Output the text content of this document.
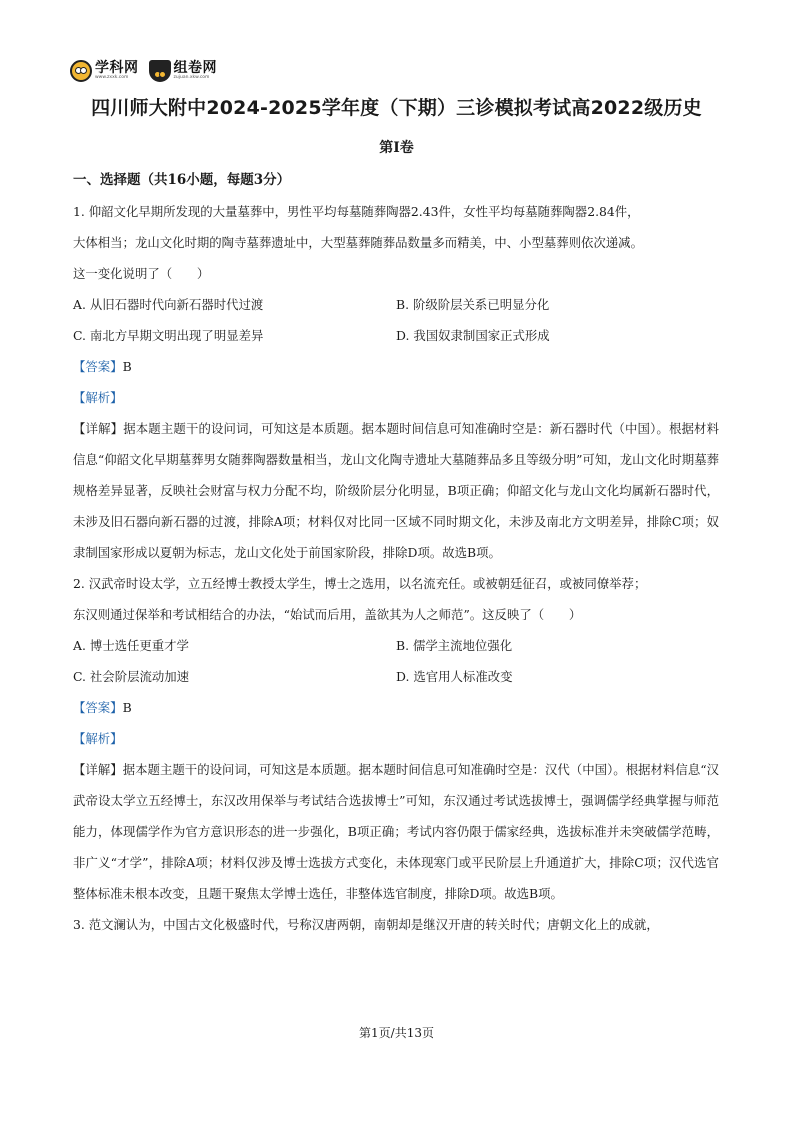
学科网
www.zxxk.com
组卷网
zujuan.xkw.com
四川师大附中2024-2025学年度（下期）三诊模拟考试高2022级历史
第Ⅰ卷
一、选择题（共16小题，每题3分）
1. 仰韶文化早期所发现的大量墓葬中，男性平均每墓随葬陶器2.43件，女性平均每墓随葬陶器2.84件，
大体相当；龙山文化时期的陶寺墓葬遗址中，大型墓葬随葬品数量多而精美，中、小型墓葬则依次递减。
这一变化说明了（　　）
A. 从旧石器时代向新石器时代过渡	B. 阶级阶层关系已明显分化
C. 南北方早期文明出现了明显差异	D. 我国奴隶制国家正式形成
【答案】B
【解析】

【详解】据本题主题干的设问词，可知这是本质题。据本题时间信息可知准确时空是：新石器时代（中国）。根据材料信息“仰韶文化早期墓葬男女随葬陶器数量相当，龙山文化陶寺遗址大墓随葬品多且等级分明”可知，龙山文化时期墓葬规格差异显著，反映社会财富与权力分配不均，阶级阶层分化明显，B项正确；仰韶文化与龙山文化均属新石器时代，未涉及旧石器向新石器的过渡，排除A项；材料仅对比同一区域不同时期文化，未涉及南北方文明差异，排除C项；奴隶制国家形成以夏朝为标志，龙山文化处于前国家阶段，排除D项。故选B项。

2. 汉武帝时设太学，立五经博士教授太学生，博士之选用，以名流充任。或被朝廷征召，或被同僚举荐；
东汉则通过保举和考试相结合的办法，“始试而后用，盖欲其为人之师范”。这反映了（　　）
A. 博士选任更重才学	B. 儒学主流地位强化
C. 社会阶层流动加速	D. 选官用人标准改变
【答案】B
【解析】

【详解】据本题主题干的设问词，可知这是本质题。据本题时间信息可知准确时空是：汉代（中国）。根据材料信息“汉武帝设太学立五经博士，东汉改用保举与考试结合选拔博士”可知，东汉通过考试选拔博士，强调儒学经典掌握与师范能力，体现儒学作为官方意识形态的进一步强化，B项正确；考试内容仍限于儒家经典，选拔标准并未突破儒学范畴，非广义“才学”，排除A项；材料仅涉及博士选拔方式变化，未体现寒门或平民阶层上升通道扩大，排除C项；汉代选官整体标准未根本改变，且题干聚焦太学博士选任，非整体选官制度，排除D项。故选B项。

3. 范文澜认为，中国古文化极盛时代，号称汉唐两朝，南朝却是继汉开唐的转关时代；唐朝文化上的成就，
第1页/共13页
